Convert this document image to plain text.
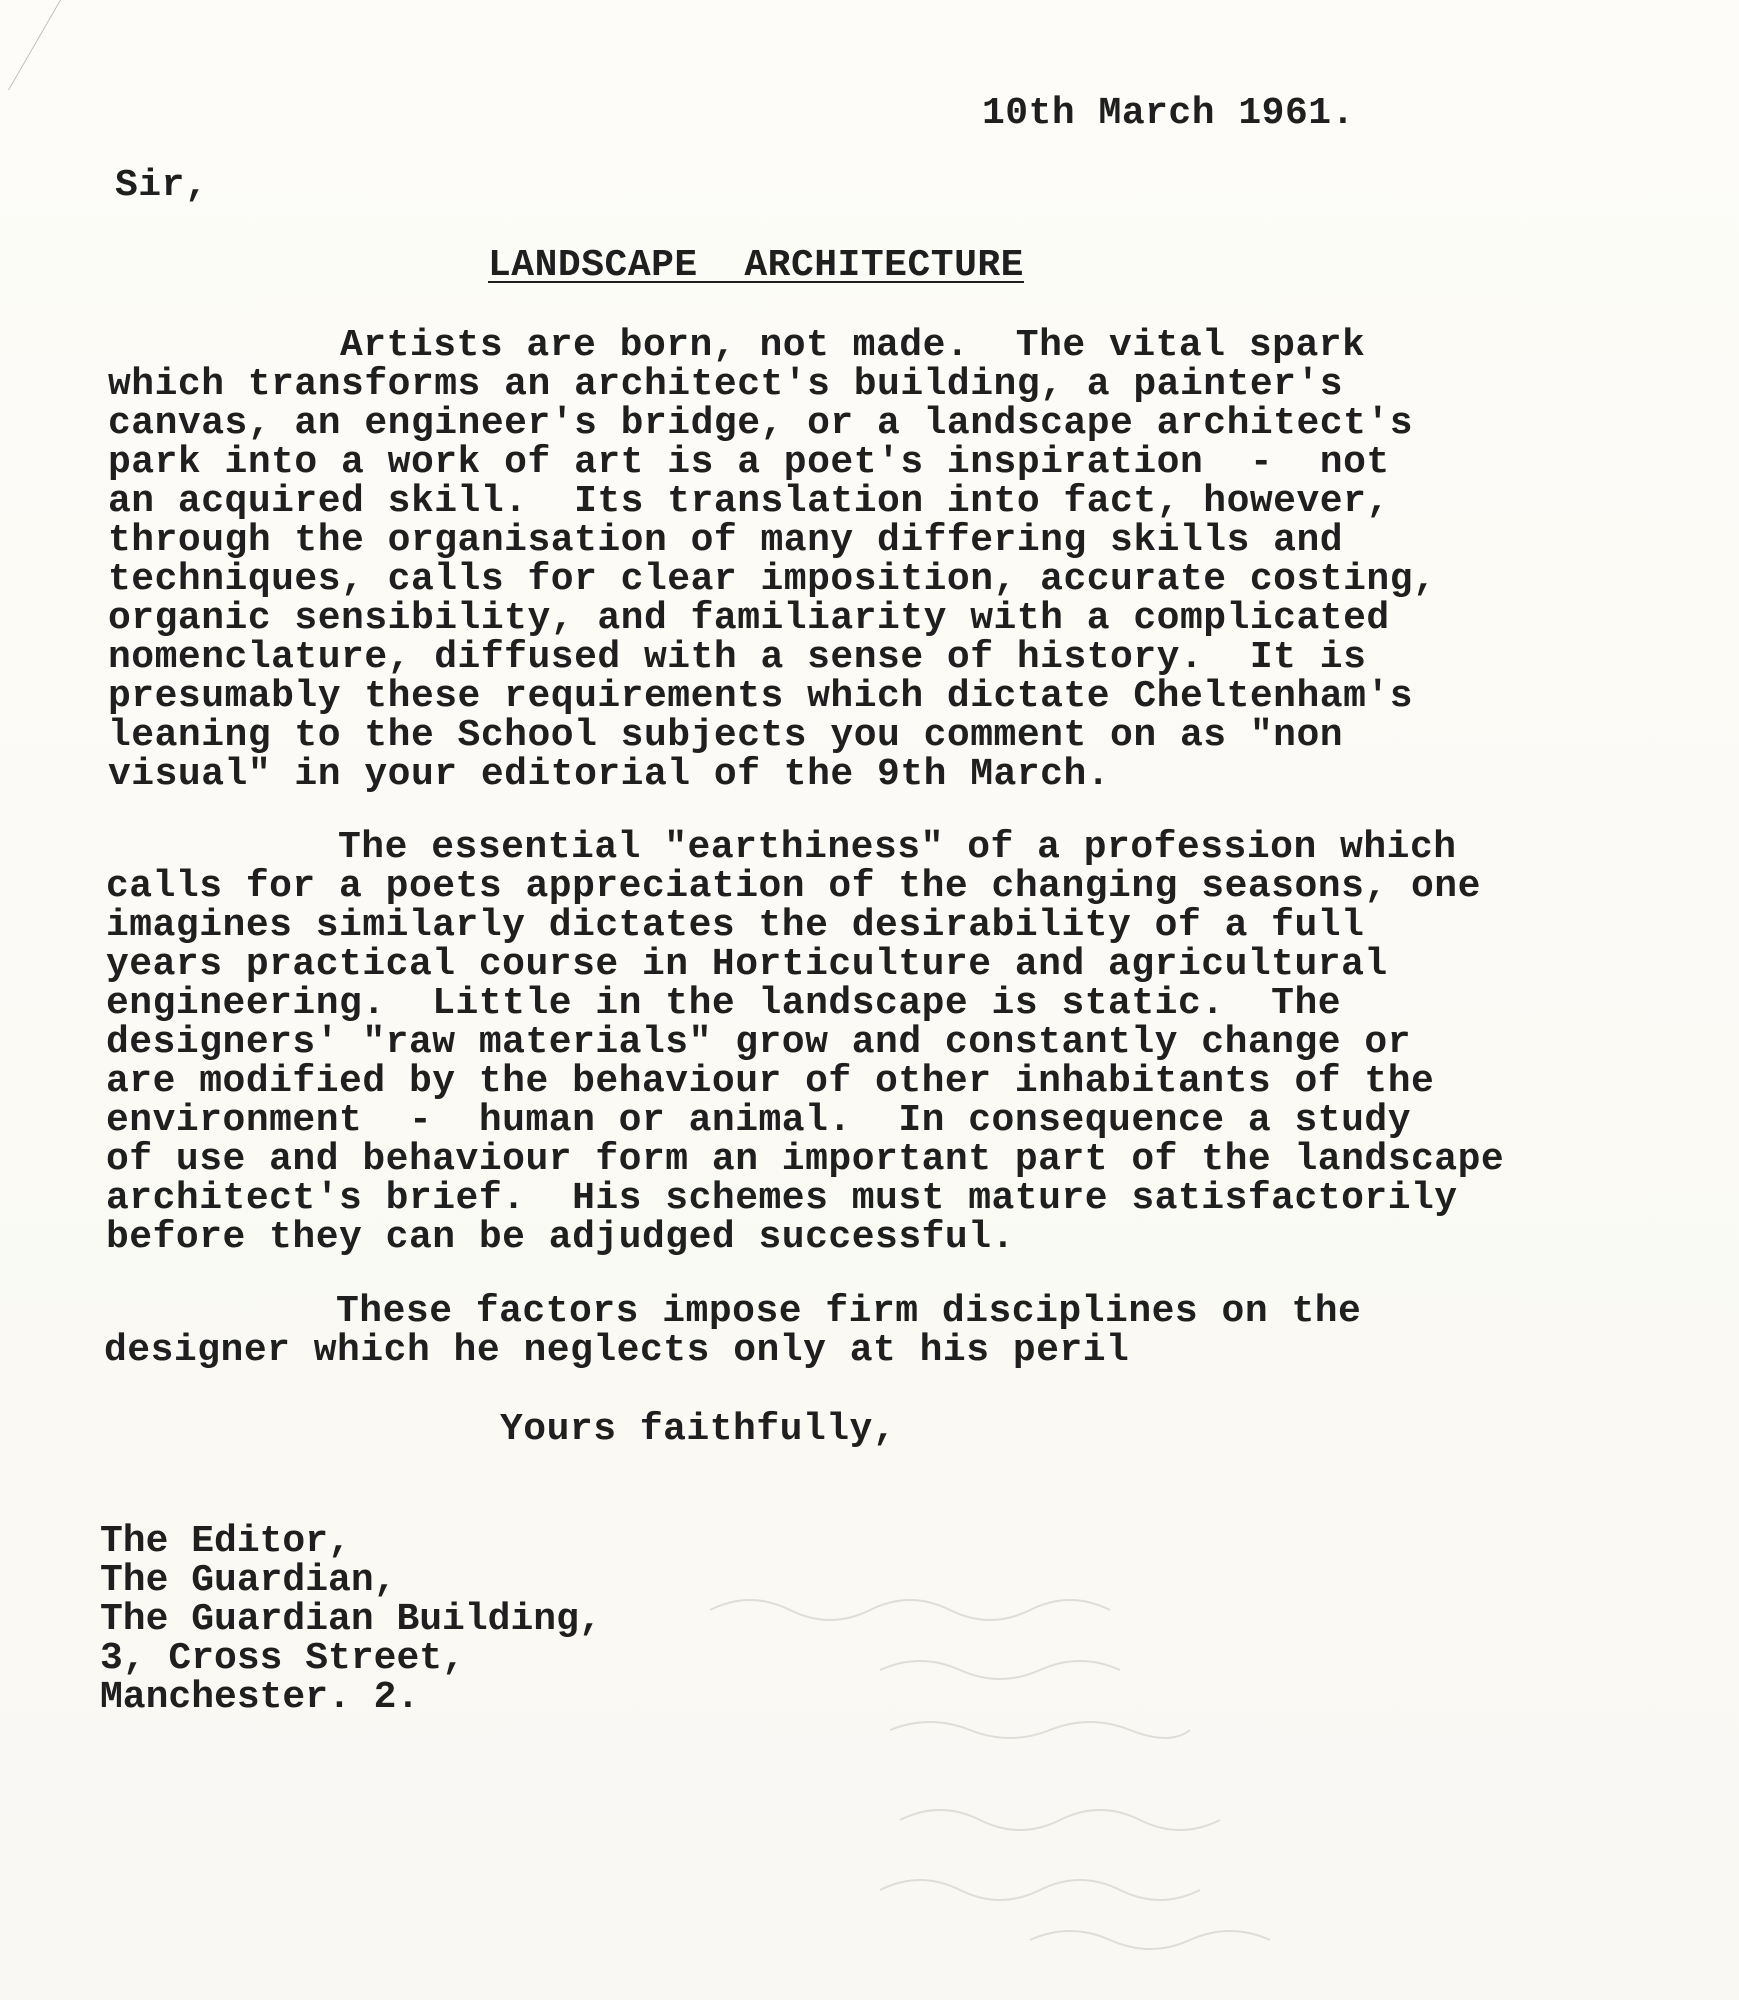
10th March 1961.
Sir,
LANDSCAPE  ARCHITECTURE
Artists are born, not made.  The vital spark
which transforms an architect's building, a painter's
canvas, an engineer's bridge, or a landscape architect's
park into a work of art is a poet's inspiration  -  not
an acquired skill.  Its translation into fact, however,
through the organisation of many differing skills and
techniques, calls for clear imposition, accurate costing,
organic sensibility, and familiarity with a complicated
nomenclature, diffused with a sense of history.  It is
presumably these requirements which dictate Cheltenham's
leaning to the School subjects you comment on as "non
visual" in your editorial of the 9th March.
The essential "earthiness" of a profession which
calls for a poets appreciation of the changing seasons, one
imagines similarly dictates the desirability of a full
years practical course in Horticulture and agricultural
engineering.  Little in the landscape is static.  The
designers' "raw materials" grow and constantly change or
are modified by the behaviour of other inhabitants of the
environment  -  human or animal.  In consequence a study
of use and behaviour form an important part of the landscape
architect's brief.  His schemes must mature satisfactorily
before they can be adjudged successful.
These factors impose firm disciplines on the
designer which he neglects only at his peril
Yours faithfully,
The Editor,
The Guardian,
The Guardian Building,
3, Cross Street,
Manchester. 2.
